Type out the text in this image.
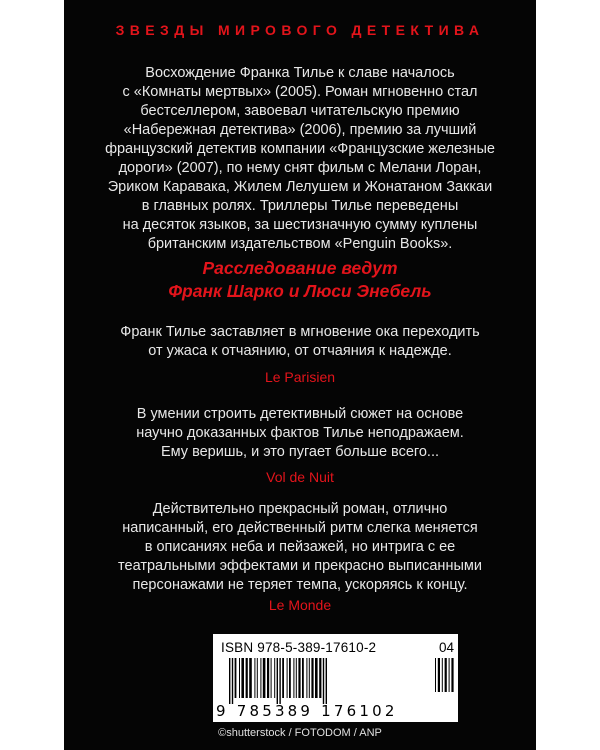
ЗВЕЗДЫ МИРОВОГО ДЕТЕКТИВА

Восхождение Франка Тилье к славе началось
с «Комнаты мертвых» (2005). Роман мгновенно стал
бестселлером, завоевал читательскую премию
«Набережная детектива» (2006), премию за лучший
французский детектив компании «Французские железные
дороги» (2007), по нему снят фильм с Мелани Лоран,
Эриком Каравака, Жилем Лелушем и Жонатаном Заккаи
в главных ролях. Триллеры Тилье переведены
на десяток языков, за шестизначную сумму куплены
британским издательством «Penguin Books».

Расследование ведут
Франк Шарко и Люси Энебель

Франк Тилье заставляет в мгновение ока переходить
от ужаса к отчаянию, от отчаяния к надежде.

Le Parisien

В умении строить детективный сюжет на основе
научно доказанных фактов Тилье неподражаем.
Ему веришь, и это пугает больше всего...

Vol de Nuit

Действительно прекрасный роман, отлично
написанный, его действенный ритм слегка меняется
в описаниях неба и пейзажей, но интрига с ее
театральными эффектами и прекрасно выписанными
персонажами не теряет темпа, ускоряясь к концу.

Le Monde
ISBN 978-5-389-17610-2	04
9 785389 176102
©shutterstock / FOTODOM / ANP
